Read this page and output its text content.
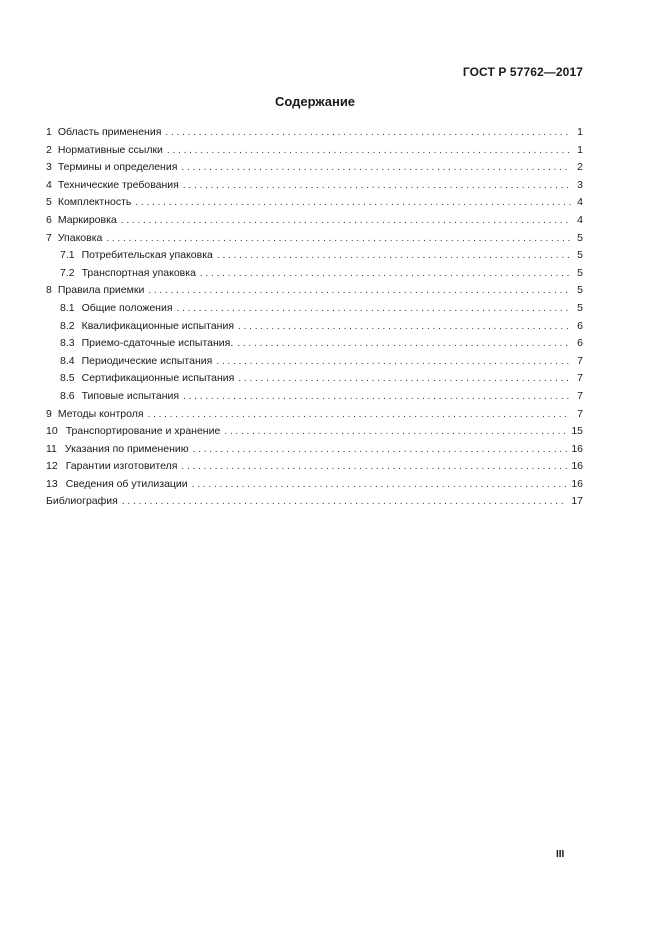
ГОСТ Р 57762—2017
Содержание
1 Область применения . . .	1
2 Нормативные ссылки . . .	1
3 Термины и определения . . .	2
4 Технические требования . . .	3
5 Комплектность . . .	4
6 Маркировка . . .	4
7 Упаковка . . .	5
7.1 Потребительская упаковка . . .	5
7.2 Транспортная упаковка . . .	5
8 Правила приемки . . .	5
8.1 Общие положения . . .	5
8.2 Квалификационные испытания . . .	6
8.3 Приемо-сдаточные испытания. . . .	6
8.4 Периодические испытания . . .	7
8.5 Сертификационные испытания . . .	7
8.6 Типовые испытания . . .	7
9 Методы контроля . . .	7
10 Транспортирование и хранение . . .	15
11 Указания по применению . . .	16
12 Гарантии изготовителя . . .	16
13 Сведения об утилизации . . .	16
Библиография . . .	17
III
